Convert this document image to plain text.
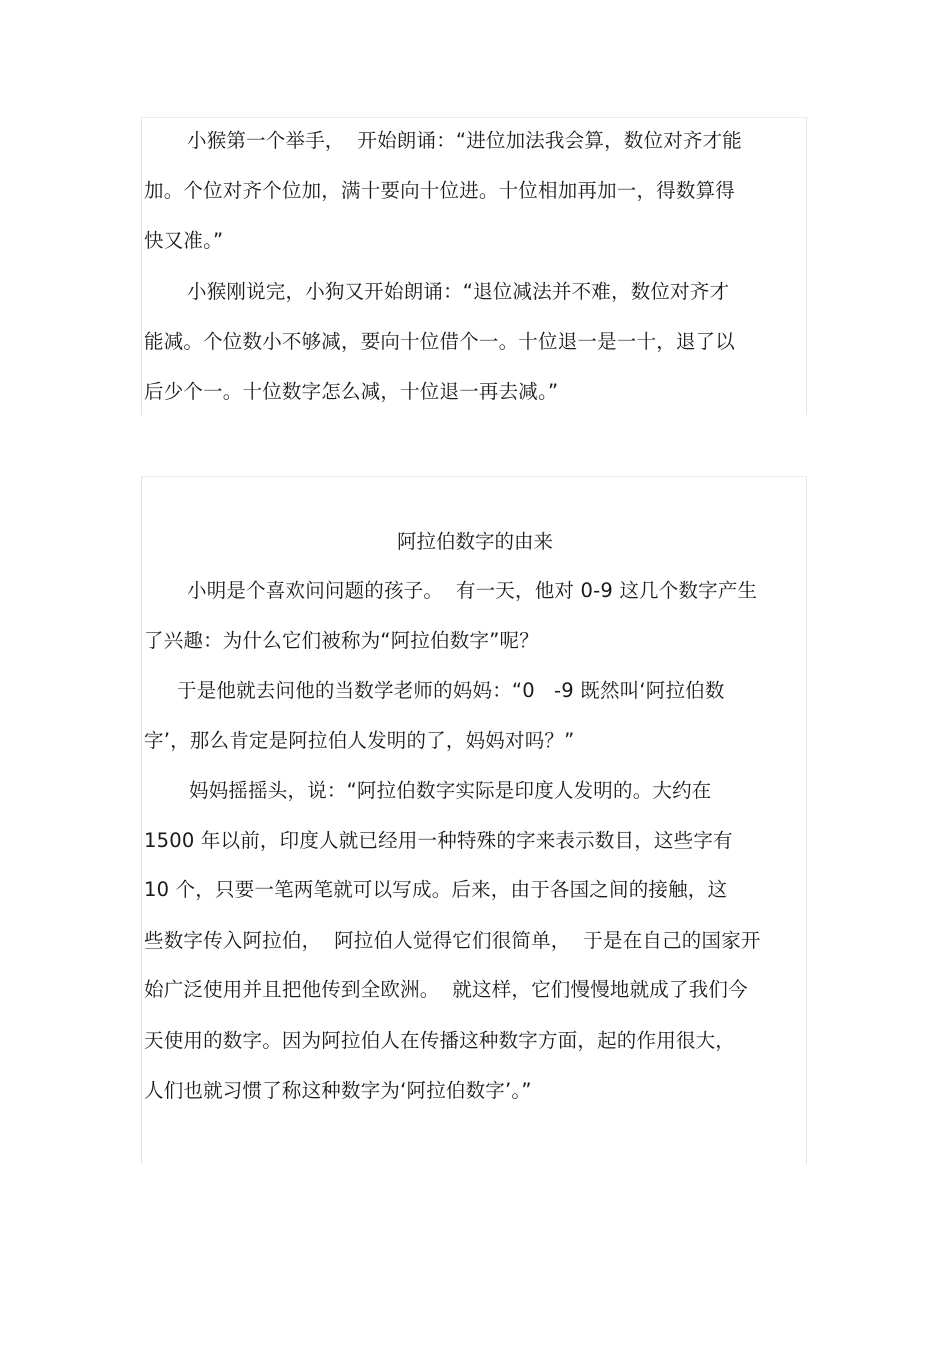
小猴第一个举手，  开始朗诵：“进位加法我会算，数位对齐才能
加。个位对齐个位加，满十要向十位进。十位相加再加一，得数算得
快又准。”
小猴刚说完，小狗又开始朗诵：“退位减法并不难，数位对齐才
能减。个位数小不够减，要向十位借个一。十位退一是一十，退了以
后少个一。十位数字怎么减，十位退一再去减。”
阿拉伯数字的由来
小明是个喜欢问问题的孩子。  有一天，他对 0-9 这几个数字产生
了兴趣：为什么它们被称为“阿拉伯数字”呢？
于是他就去问他的当数学老师的妈妈：“0   -9 既然叫‘阿拉伯数
字’，那么肯定是阿拉伯人发明的了，妈妈对吗？”
妈妈摇摇头，说：“阿拉伯数字实际是印度人发明的。大约在
1500 年以前，印度人就已经用一种特殊的字来表示数目，这些字有
10 个，只要一笔两笔就可以写成。后来，由于各国之间的接触，这
些数字传入阿拉伯，  阿拉伯人觉得它们很简单，  于是在自己的国家开
始广泛使用并且把他传到全欧洲。  就这样，它们慢慢地就成了我们今
天使用的数字。因为阿拉伯人在传播这种数字方面，起的作用很大，
人们也就习惯了称这种数字为‘阿拉伯数字’。”
